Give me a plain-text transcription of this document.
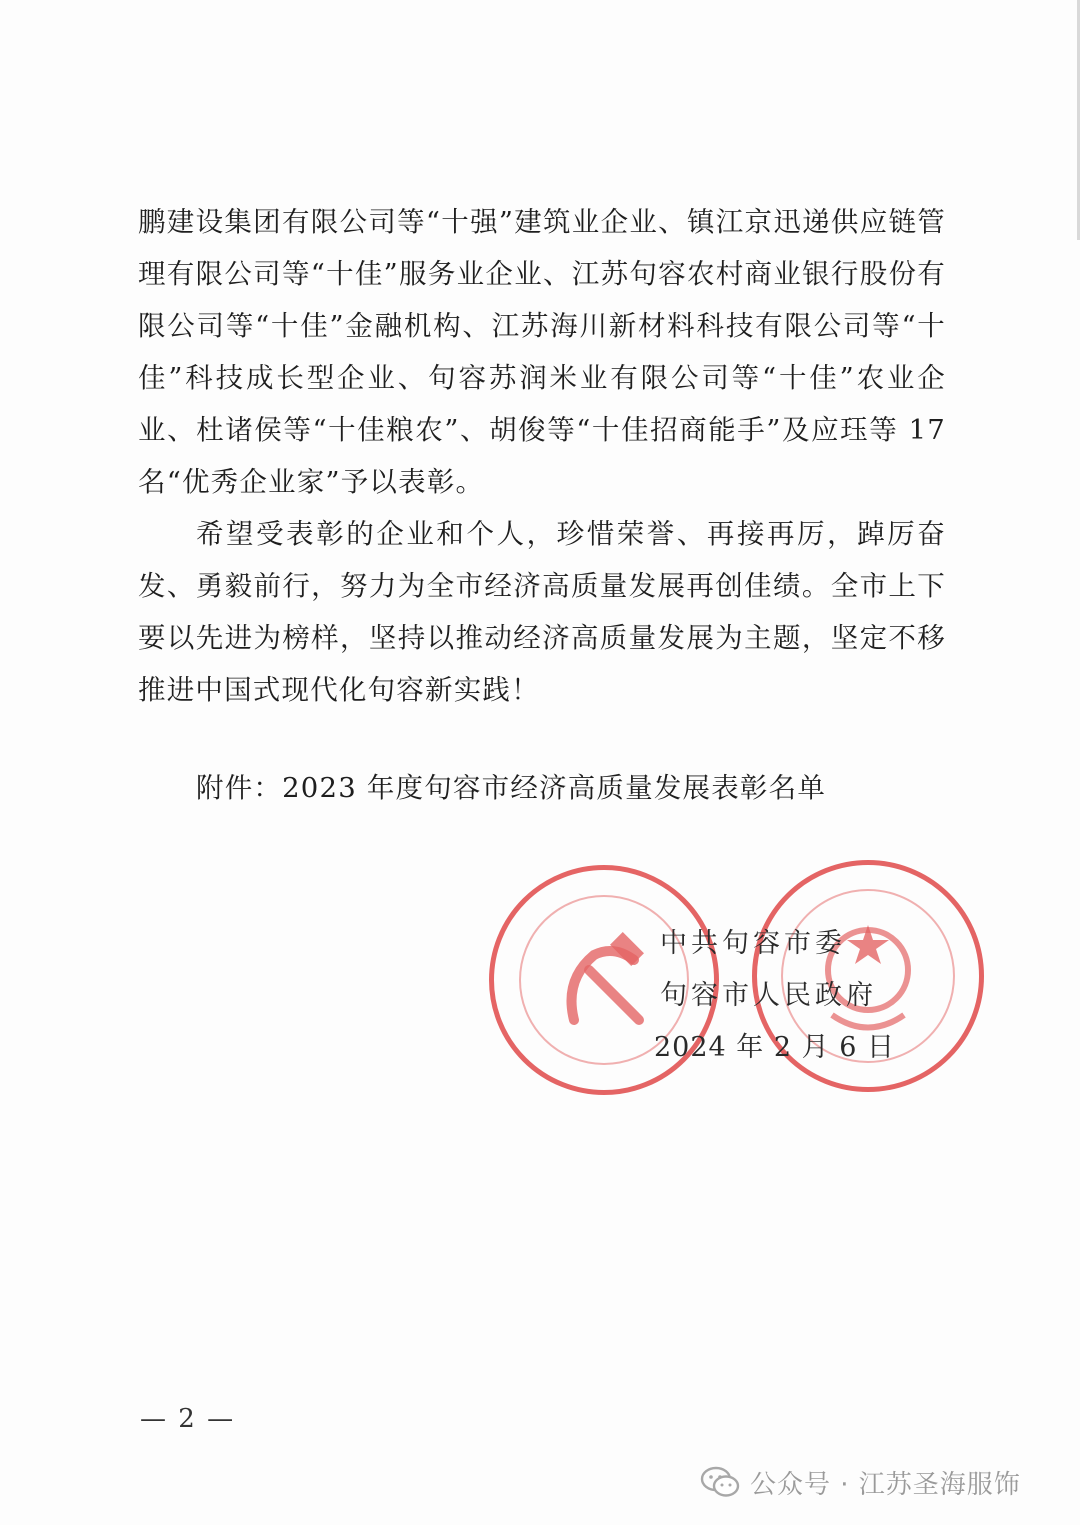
鹏建设集团有限公司等“十强”建筑业企业、镇江京迅递供应链管理有限公司等“十佳”服务业企业、江苏句容农村商业银行股份有限公司等“十佳”金融机构、江苏海川新材料科技有限公司等“十佳”科技成长型企业、句容苏润米业有限公司等“十佳”农业企业、杜诸侯等“十佳粮农”、胡俊等“十佳招商能手”及应珏等 17 名“优秀企业家”予以表彰。

希望受表彰的企业和个人，珍惜荣誉、再接再厉，踔厉奋发、勇毅前行，努力为全市经济高质量发展再创佳绩。全市上下要以先进为榜样，坚持以推动经济高质量发展为主题，坚定不移推进中国式现代化句容新实践！

附件：2023 年度句容市经济高质量发展表彰名单
中共句容市委
句容市人民政府
2024 年 2 月 6 日
— 2 —
公众号 · 江苏圣海服饰
